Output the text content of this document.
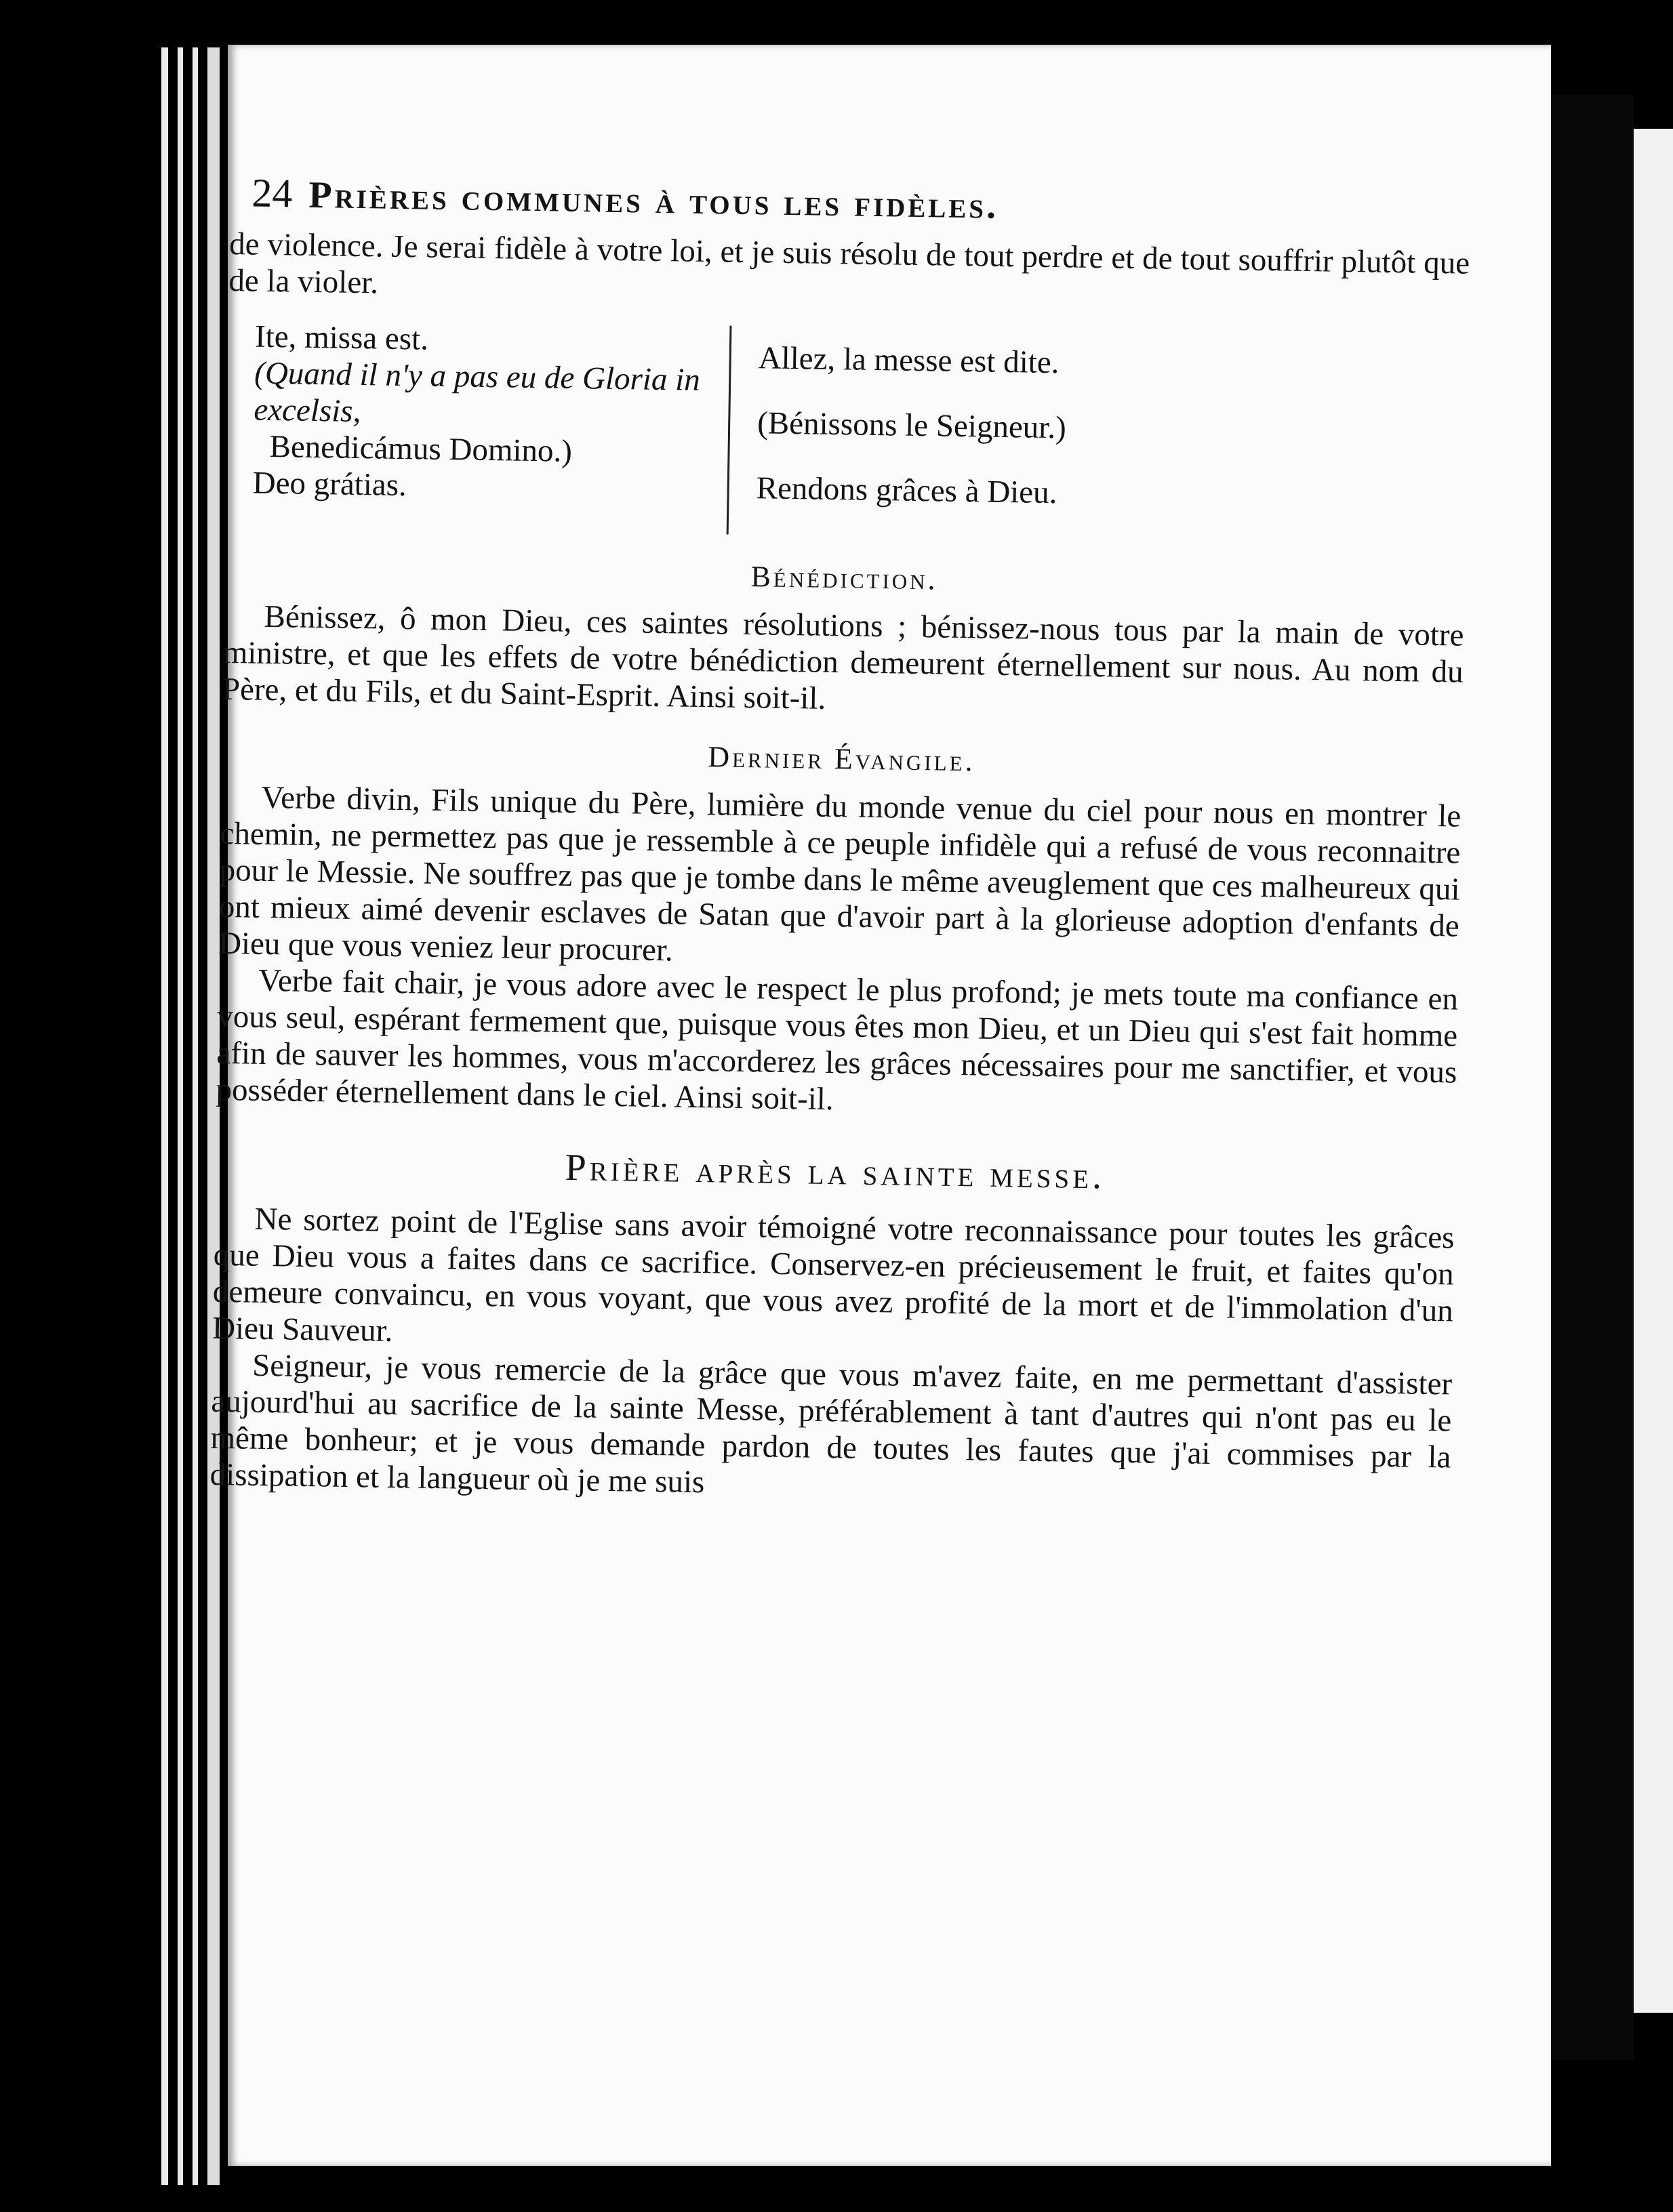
24 Prières communes à tous les fidèles.

de violence. Je serai fidèle à votre loi, et je suis résolu de tout perdre et de tout souffrir plutôt que de la violer.

Ite, missa est.
(Quand il n'y a pas eu de Gloria in excelsis,
Benedicámus Domino.)
Deo grátias.
Allez, la messe est dite.
(Bénissons le Seigneur.)
Rendons grâces à Dieu.
Bénédiction.

Bénissez, ô mon Dieu, ces saintes résolutions ; bénissez-nous tous par la main de votre ministre, et que les effets de votre bénédiction demeurent éternellement sur nous. Au nom du Père, et du Fils, et du Saint-Esprit. Ainsi soit-il.

Dernier Évangile.

Verbe divin, Fils unique du Père, lumière du monde venue du ciel pour nous en montrer le chemin, ne permettez pas que je ressemble à ce peuple infidèle qui a refusé de vous reconnaitre pour le Messie. Ne souffrez pas que je tombe dans le même aveuglement que ces malheureux qui ont mieux aimé devenir esclaves de Satan que d'avoir part à la glorieuse adoption d'enfants de Dieu que vous veniez leur procurer.

Verbe fait chair, je vous adore avec le respect le plus profond; je mets toute ma confiance en vous seul, espérant fermement que, puisque vous êtes mon Dieu, et un Dieu qui s'est fait homme afin de sauver les hommes, vous m'accorderez les grâces nécessaires pour me sanctifier, et vous posséder éternellement dans le ciel. Ainsi soit-il.

Prière après la sainte messe.

Ne sortez point de l'Eglise sans avoir témoigné votre reconnaissance pour toutes les grâces que Dieu vous a faites dans ce sacrifice. Conservez-en précieusement le fruit, et faites qu'on demeure convaincu, en vous voyant, que vous avez profité de la mort et de l'immolation d'un Dieu Sauveur.

Seigneur, je vous remercie de la grâce que vous m'avez faite, en me permettant d'assister aujourd'hui au sacrifice de la sainte Messe, préférablement à tant d'autres qui n'ont pas eu le même bonheur; et je vous demande pardon de toutes les fautes que j'ai commises par la dissipation et la langueur où je me suis
